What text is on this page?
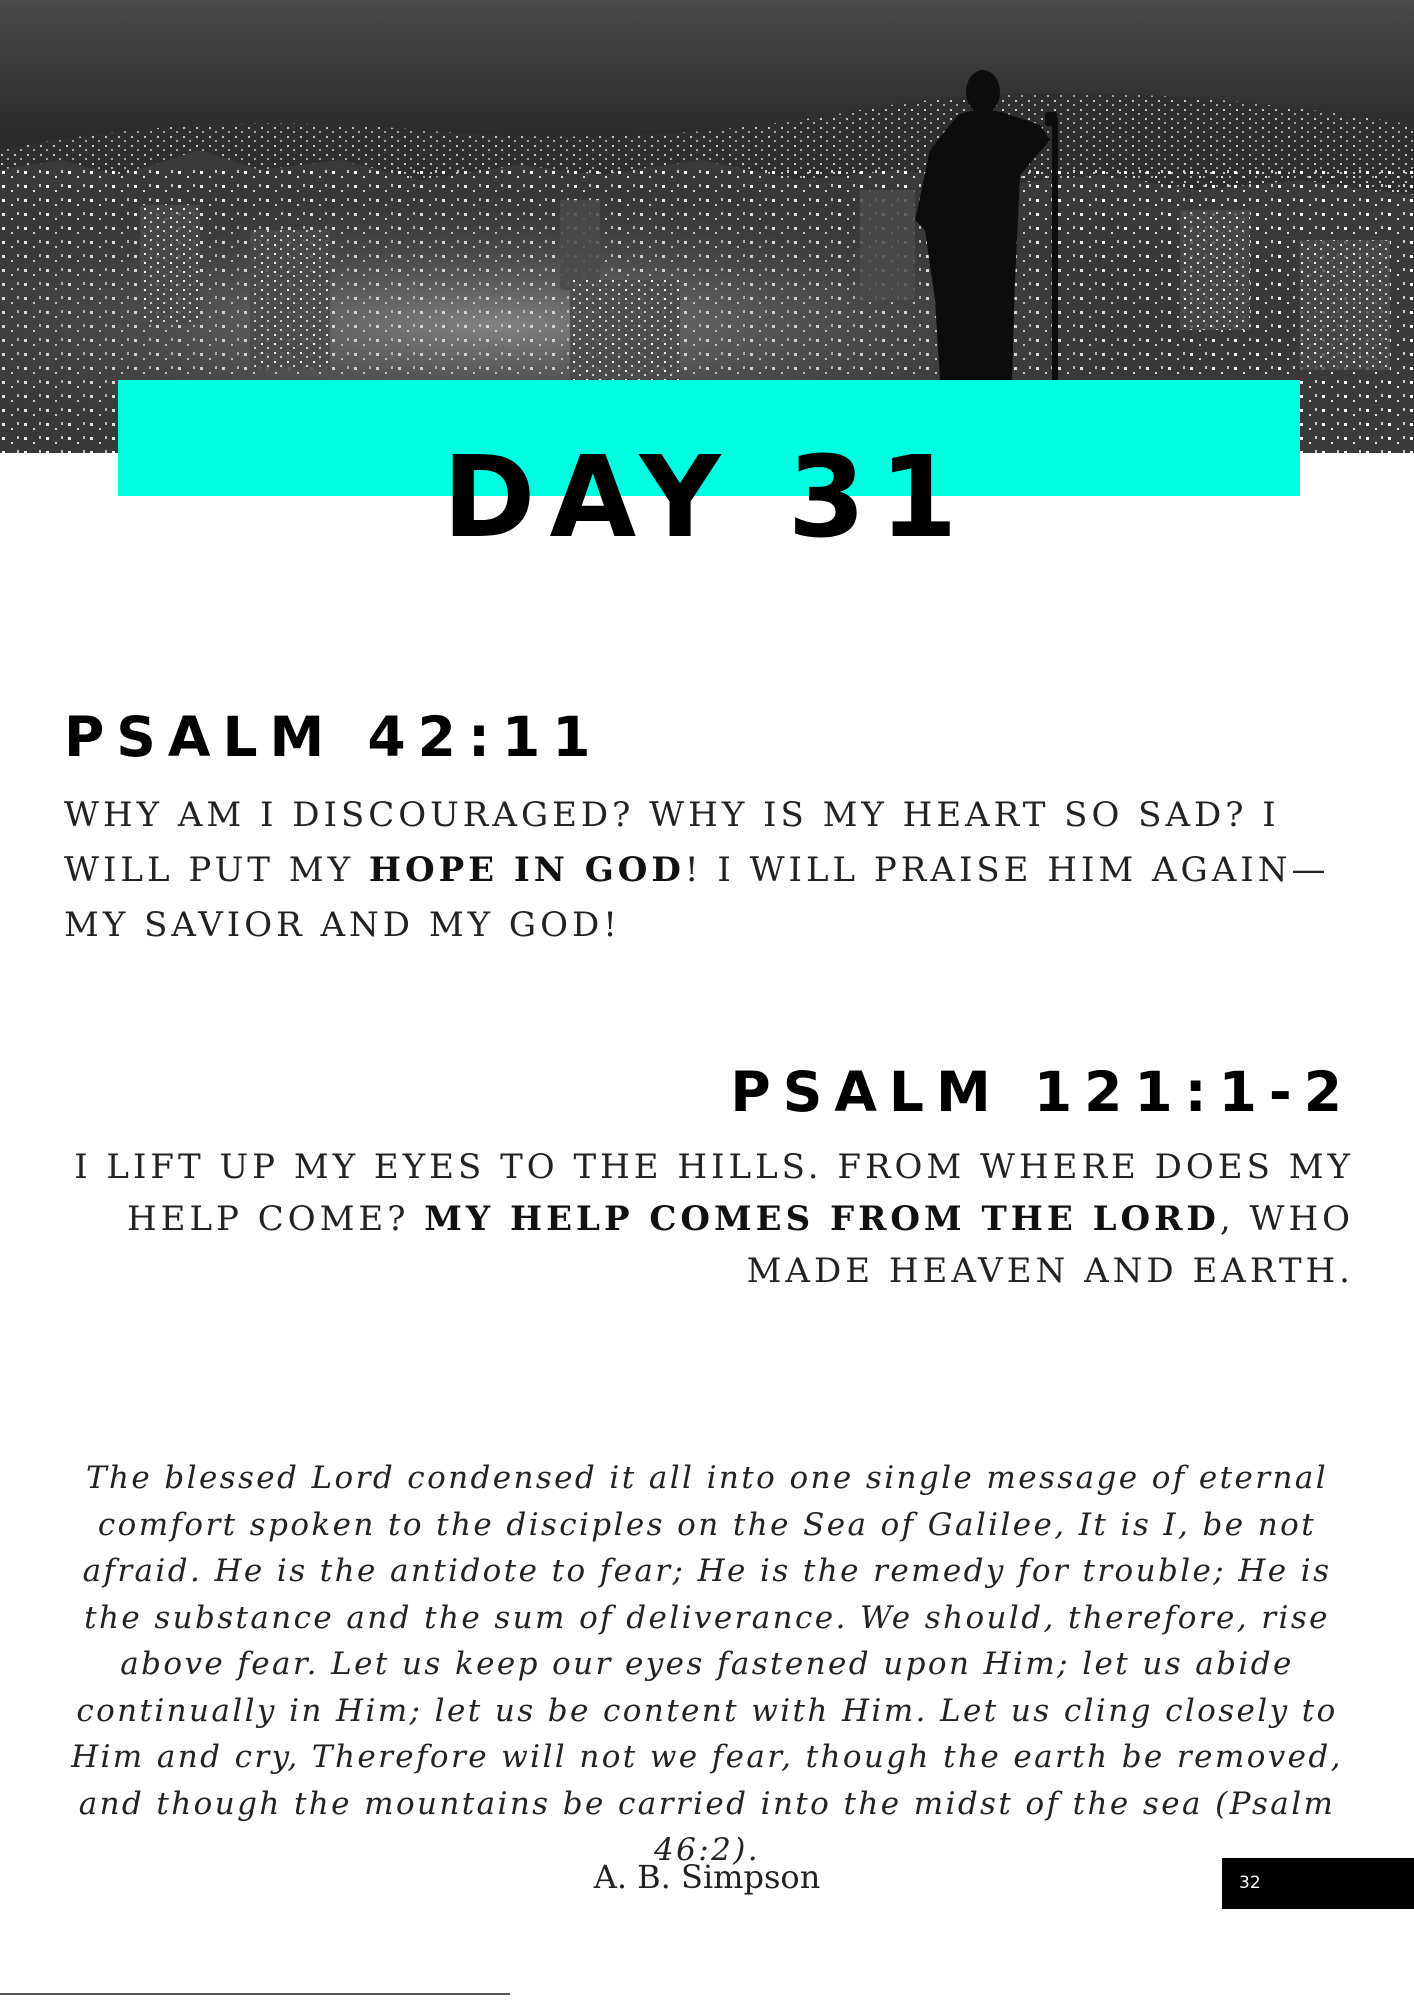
DAY 31
PSALM 42:11

WHY AM I DISCOURAGED? WHY IS MY HEART SO SAD? I WILL PUT MY HOPE IN GOD! I WILL PRAISE HIM AGAIN—MY SAVIOR AND MY GOD!

PSALM 121:1-2

I LIFT UP MY EYES TO THE HILLS. FROM WHERE DOES MY HELP COME? MY HELP COMES FROM THE LORD, WHO MADE HEAVEN AND EARTH.

The blessed Lord condensed it all into one single message of eternal comfort spoken to the disciples on the Sea of Galilee, It is I, be not afraid. He is the antidote to fear; He is the remedy for trouble; He is the substance and the sum of deliverance. We should, therefore, rise above fear. Let us keep our eyes fastened upon Him; let us abide continually in Him; let us be content with Him. Let us cling closely to Him and cry, Therefore will not we fear, though the earth be removed, and though the mountains be carried into the midst of the sea (Psalm 46:2).

A. B. Simpson	32
